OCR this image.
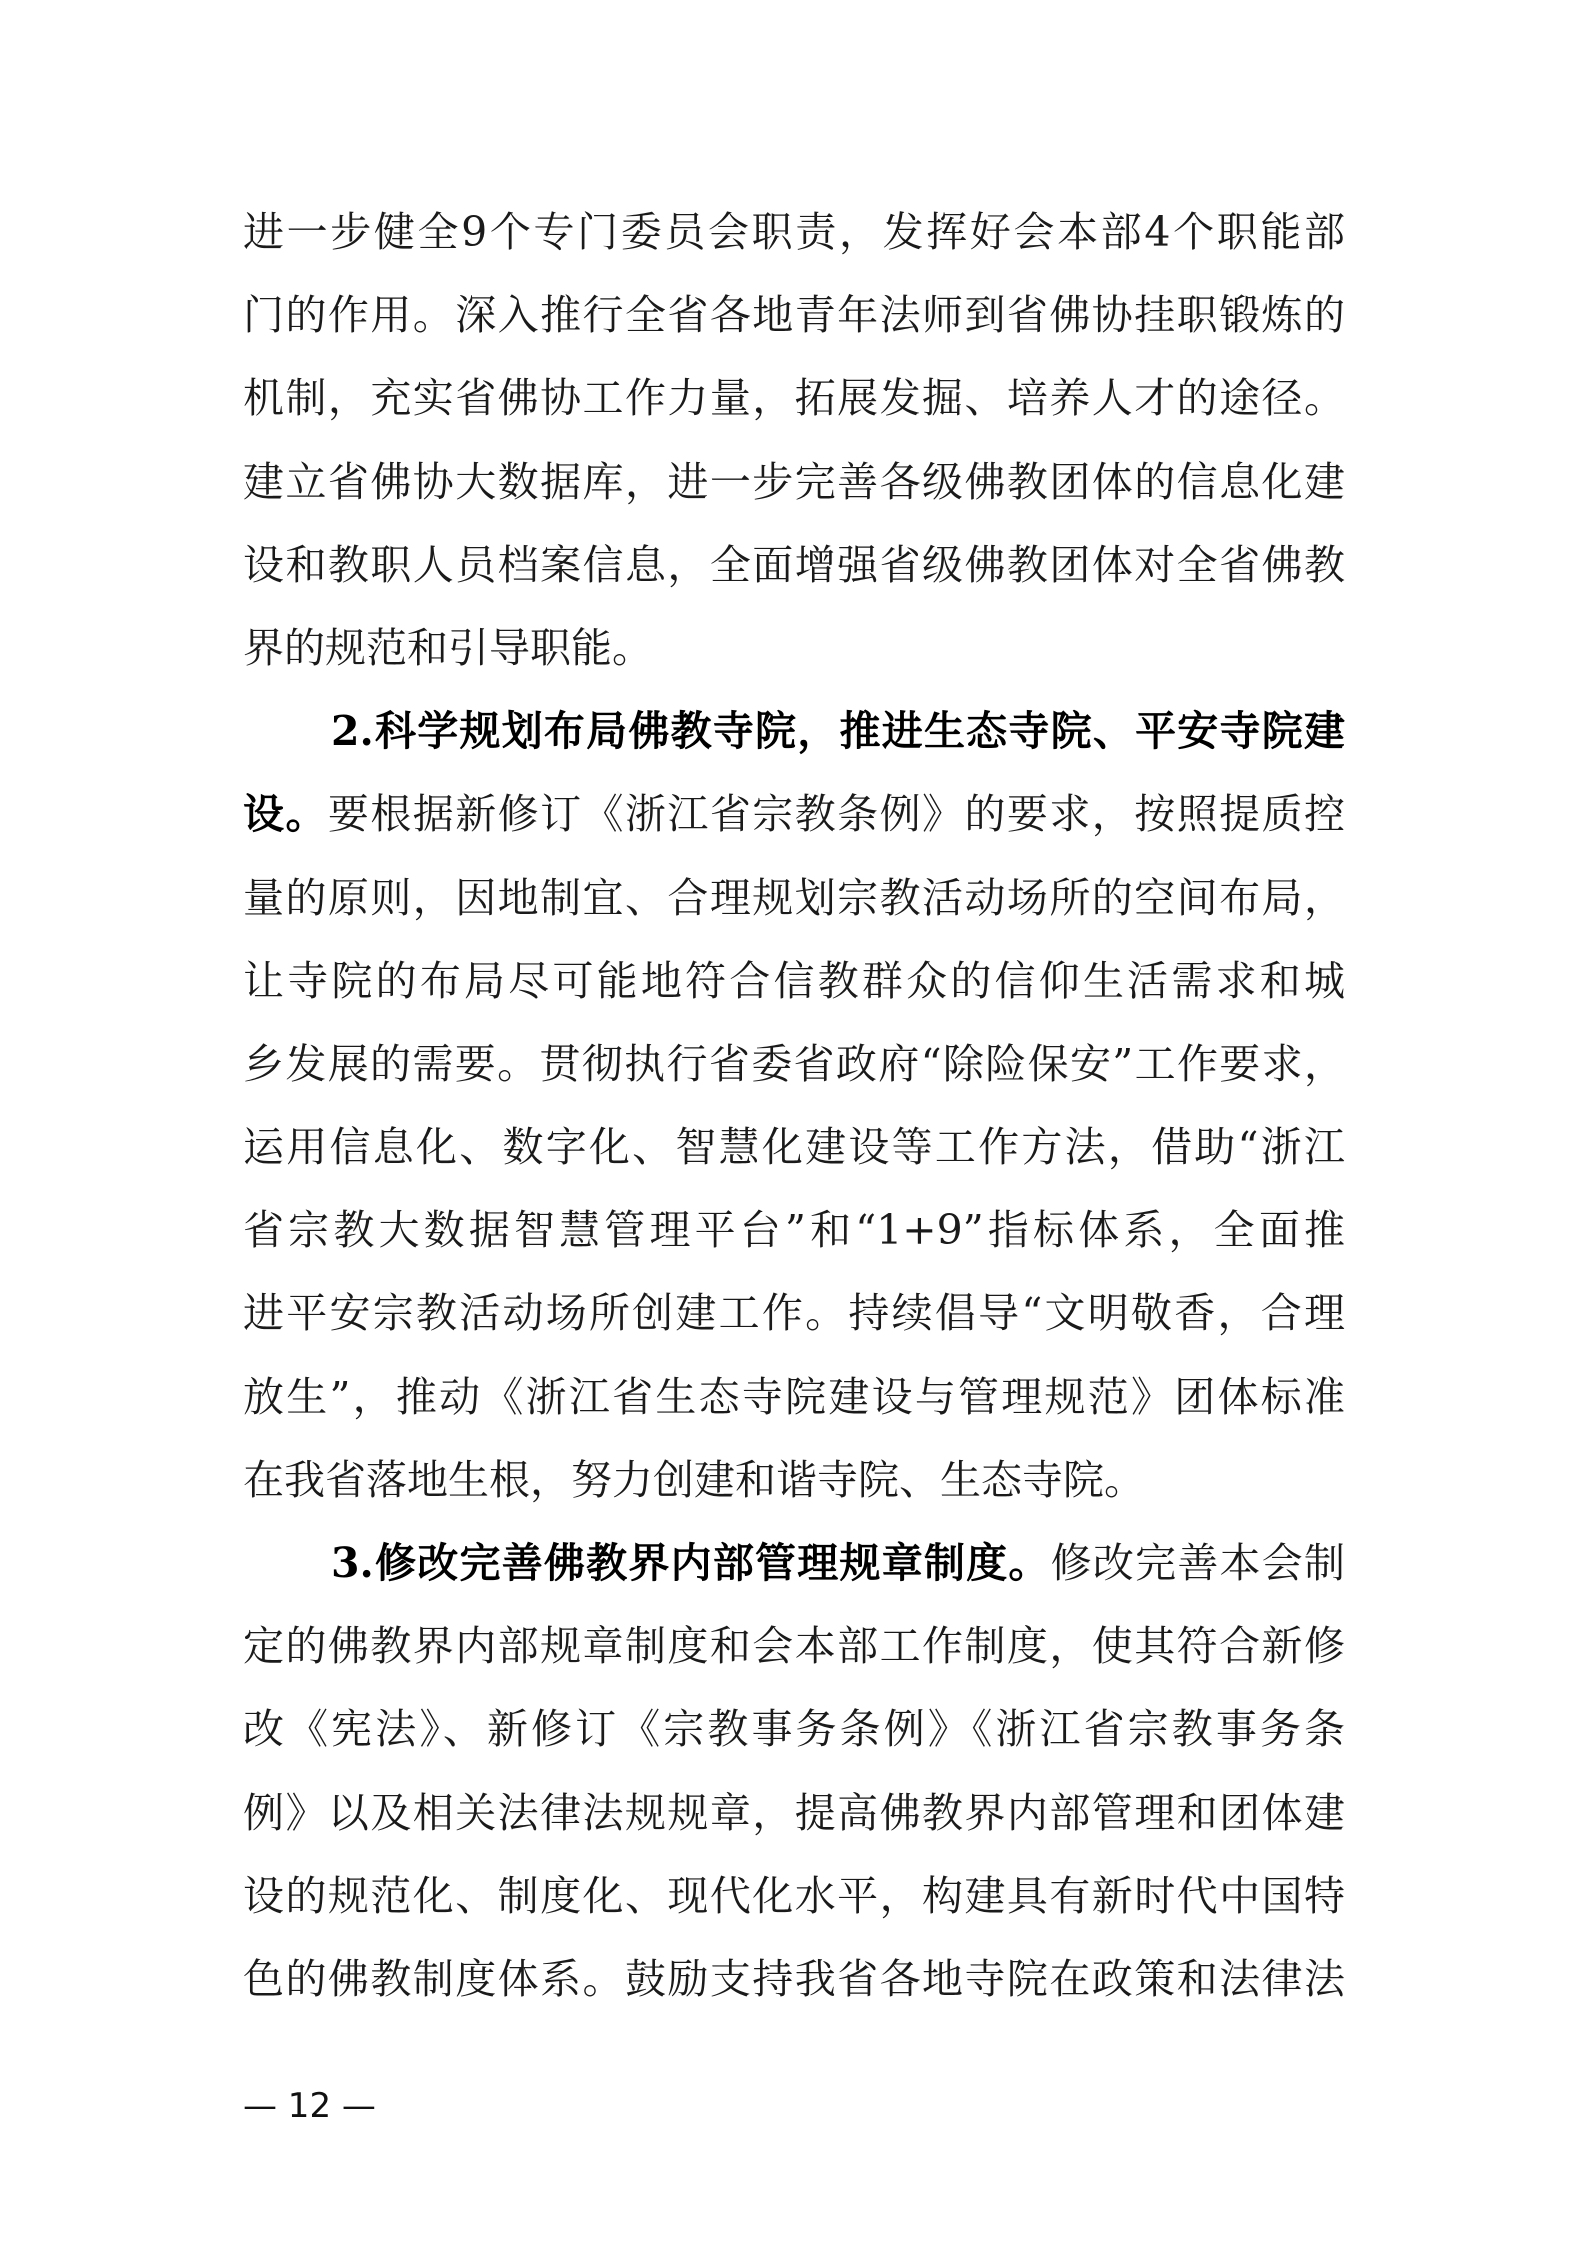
进一步健全9个专门委员会职责，发挥好会本部4个职能部
门的作用。深入推行全省各地青年法师到省佛协挂职锻炼的
机制，充实省佛协工作力量，拓展发掘、培养人才的途径。
建立省佛协大数据库，进一步完善各级佛教团体的信息化建
设和教职人员档案信息，全面增强省级佛教团体对全省佛教
界的规范和引导职能。
2.科学规划布局佛教寺院，推进生态寺院、平安寺院建
设。要根据新修订《浙江省宗教条例》的要求，按照提质控
量的原则，因地制宜、合理规划宗教活动场所的空间布局，
让寺院的布局尽可能地符合信教群众的信仰生活需求和城
乡发展的需要。贯彻执行省委省政府“除险保安”工作要求，
运用信息化、数字化、智慧化建设等工作方法，借助“浙江
省宗教大数据智慧管理平台”和“1+9”指标体系，全面推
进平安宗教活动场所创建工作。持续倡导“文明敬香，合理
放生”，推动《浙江省生态寺院建设与管理规范》团体标准
在我省落地生根，努力创建和谐寺院、生态寺院。
3.修改完善佛教界内部管理规章制度。修改完善本会制
定的佛教界内部规章制度和会本部工作制度，使其符合新修
改《宪法》、新修订《宗教事务条例》《浙江省宗教事务条
例》以及相关法律法规规章，提高佛教界内部管理和团体建
设的规范化、制度化、现代化水平，构建具有新时代中国特
色的佛教制度体系。鼓励支持我省各地寺院在政策和法律法
— 12 —
